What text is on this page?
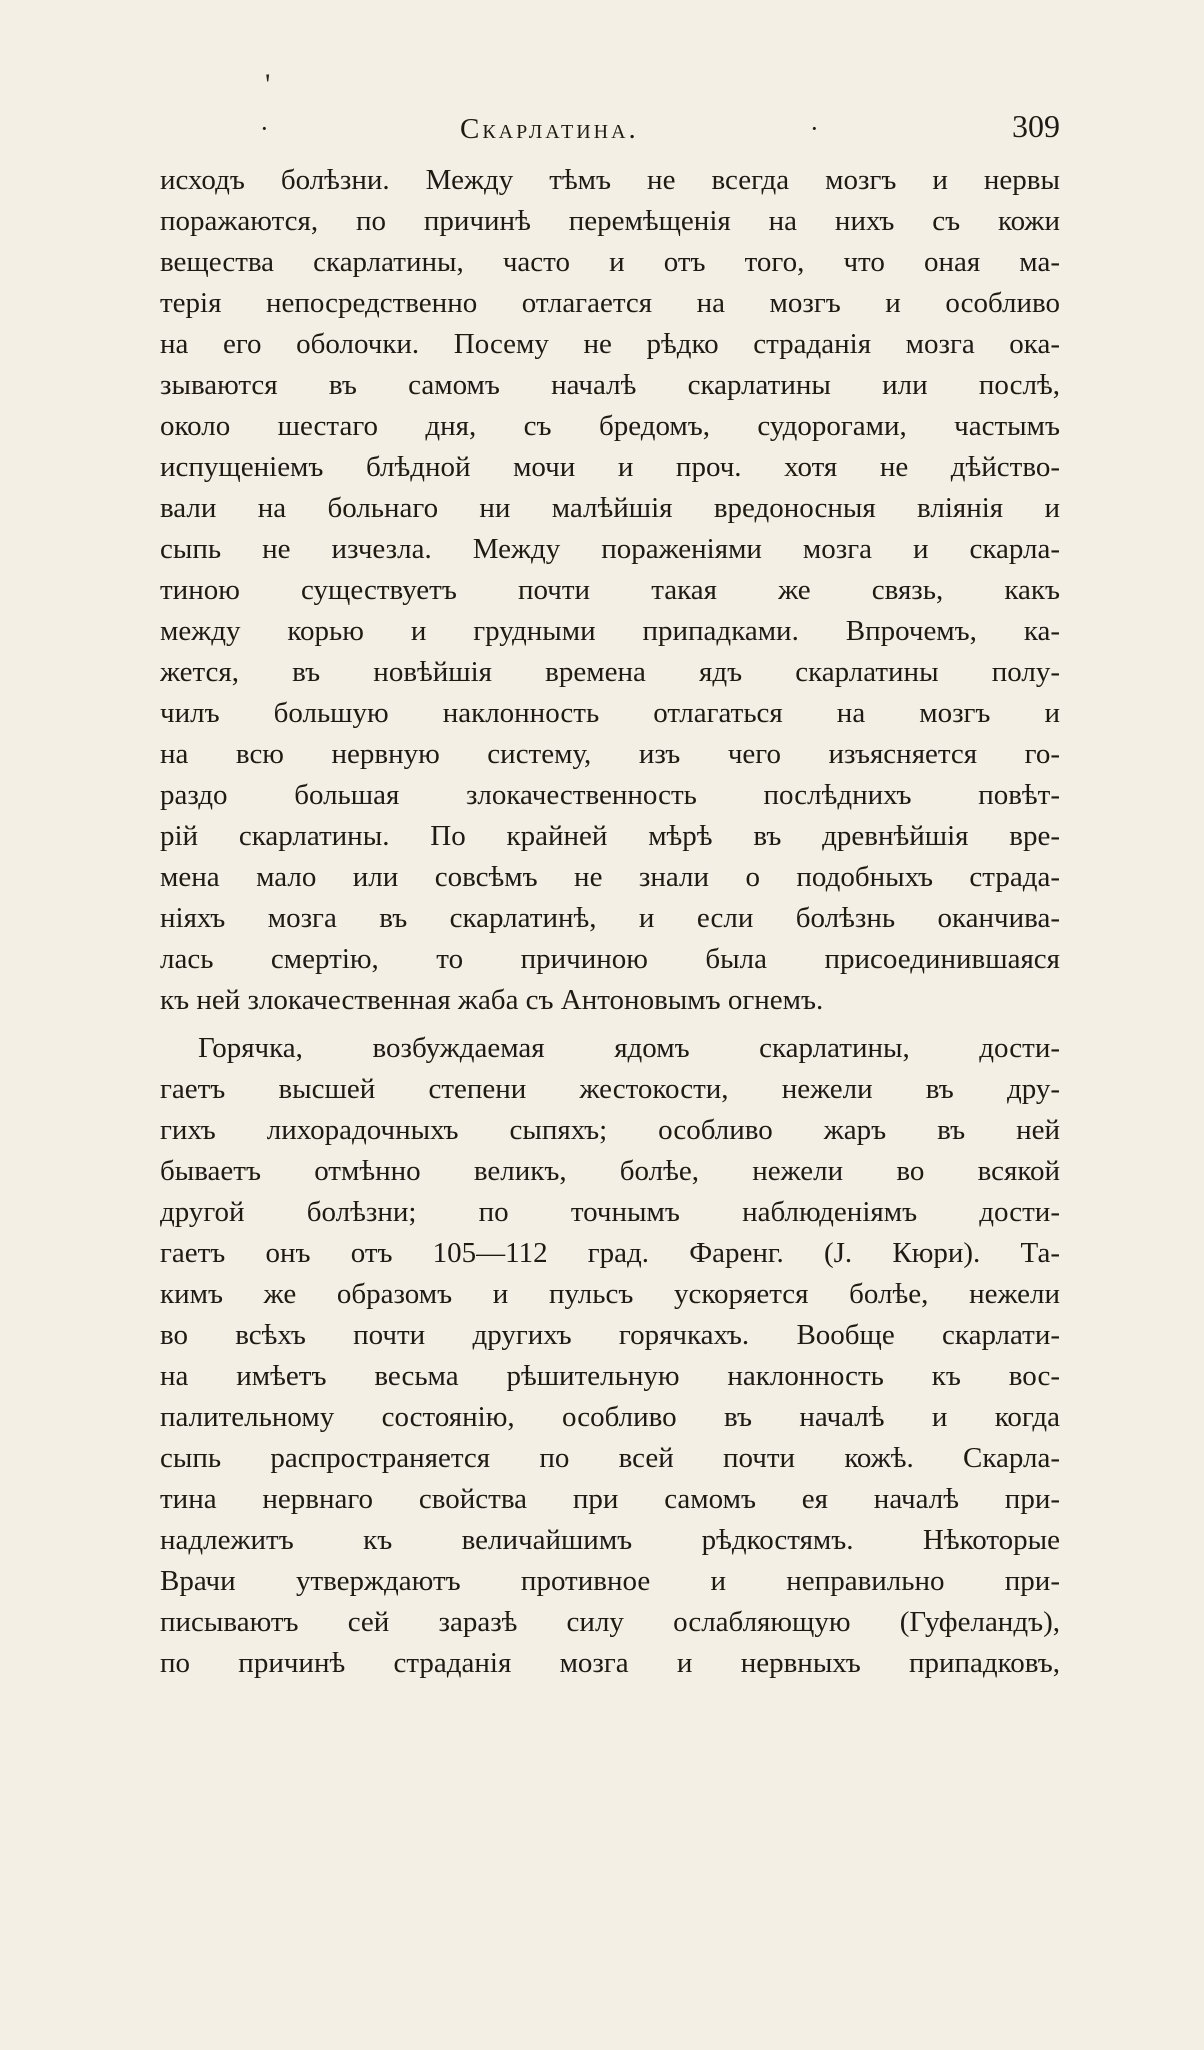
'
·	Скарлатина.	·	309
исходъ болѣзни. Между тѣмъ не всегда мозгъ и нервы
поражаются, по причинѣ перемѣщенія на нихъ съ кожи
вещества скарлатины, часто и отъ того, что оная ма-
терія непосредственно отлагается на мозгъ и особливо
на его оболочки. Посему не рѣдко страданія мозга ока-
зываются въ самомъ началѣ скарлатины или послѣ,
около шестаго дня, съ бредомъ, судорогами, частымъ
испущеніемъ блѣдной мочи и проч. хотя не дѣйство-
вали на больнаго ни малѣйшія вредоносныя вліянія и
сыпь не изчезла. Между пораженіями мозга и скарла-
тиною существуетъ почти такая же связь, какъ
между корью и грудными припадками. Впрочемъ, ка-
жется, въ новѣйшія времена ядъ скарлатины полу-
чилъ большую наклонность отлагаться на мозгъ и
на всю нервную систему, изъ чего изъясняется го-
раздо большая злокачественность послѣднихъ повѣт-
рій скарлатины. По крайней мѣрѣ въ древнѣйшія вре-
мена мало или совсѣмъ не знали о подобныхъ страда-
ніяхъ мозга въ скарлатинѣ, и если болѣзнь оканчива-
лась смертію, то причиною была присоединившаяся
къ ней злокачественная жаба съ Антоновымъ огнемъ.
Горячка, возбуждаемая ядомъ скарлатины, дости-
гаетъ высшей степени жестокости, нежели въ дру-
гихъ лихорадочныхъ сыпяхъ; особливо жаръ въ ней
бываетъ отмѣнно великъ, болѣе, нежели во всякой
другой болѣзни; по точнымъ наблюденіямъ дости-
гаетъ онъ отъ 105—112 град. Фаренг. (J. Кюри). Та-
кимъ же образомъ и пульсъ ускоряется болѣе, нежели
во всѣхъ почти другихъ горячкахъ. Вообще скарлати-
на имѣетъ весьма рѣшительную наклонность къ вос-
палительному состоянію, особливо въ началѣ и когда
сыпь распространяется по всей почти кожѣ. Скарла-
тина нервнаго свойства при самомъ ея началѣ при-
надлежитъ къ величайшимъ рѣдкостямъ. Нѣкоторые
Врачи утверждаютъ противное и неправильно при-
писываютъ сей заразѣ силу ослабляющую (Гуфеландъ),
по причинѣ страданія мозга и нервныхъ припадковъ,
